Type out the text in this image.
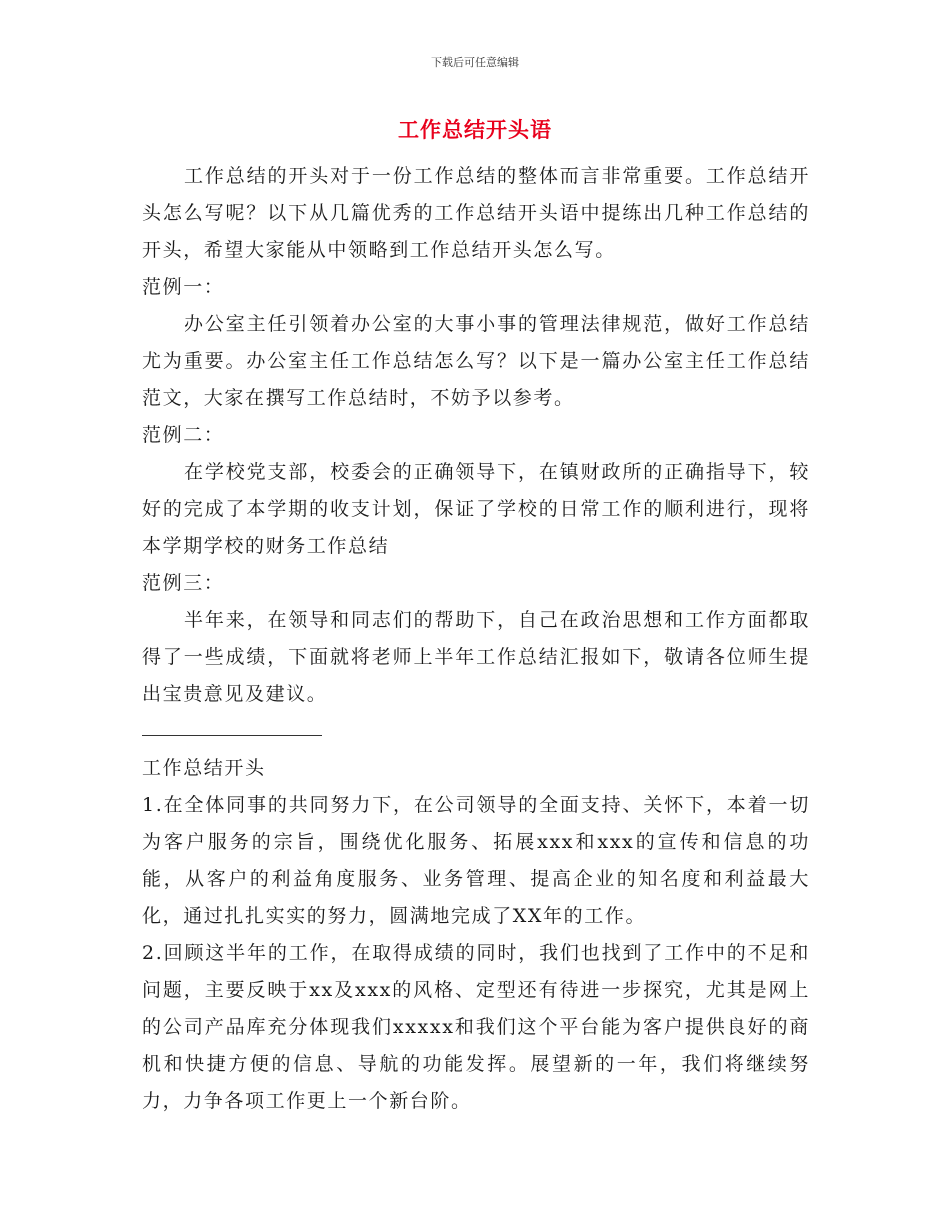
下载后可任意编辑
工作总结开头语

工作总结的开头对于一份工作总结的整体而言非常重要。工作总结开头怎么写呢？以下从几篇优秀的工作总结开头语中提练出几种工作总结的开头，希望大家能从中领略到工作总结开头怎么写。

范例一：

办公室主任引领着办公室的大事小事的管理法律规范，做好工作总结尤为重要。办公室主任工作总结怎么写？以下是一篇办公室主任工作总结范文，大家在撰写工作总结时，不妨予以参考。

范例二：

在学校党支部，校委会的正确领导下，在镇财政所的正确指导下，较好的完成了本学期的收支计划，保证了学校的日常工作的顺利进行，现将本学期学校的财务工作总结

范例三：

半年来，在领导和同志们的帮助下，自己在政治思想和工作方面都取得了一些成绩，下面就将老师上半年工作总结汇报如下，敬请各位师生提出宝贵意见及建议。

工作总结开头

1.在全体同事的共同努力下，在公司领导的全面支持、关怀下，本着一切为客户服务的宗旨，围绕优化服务、拓展xxx和xxx的宣传和信息的功能，从客户的利益角度服务、业务管理、提高企业的知名度和利益最大化，通过扎扎实实的努力，圆满地完成了XX年的工作。

2.回顾这半年的工作，在取得成绩的同时，我们也找到了工作中的不足和问题，主要反映于xx及xxx的风格、定型还有待进一步探究，尤其是网上的公司产品库充分体现我们xxxxx和我们这个平台能为客户提供良好的商机和快捷方便的信息、导航的功能发挥。展望新的一年，我们将继续努力，力争各项工作更上一个新台阶。
